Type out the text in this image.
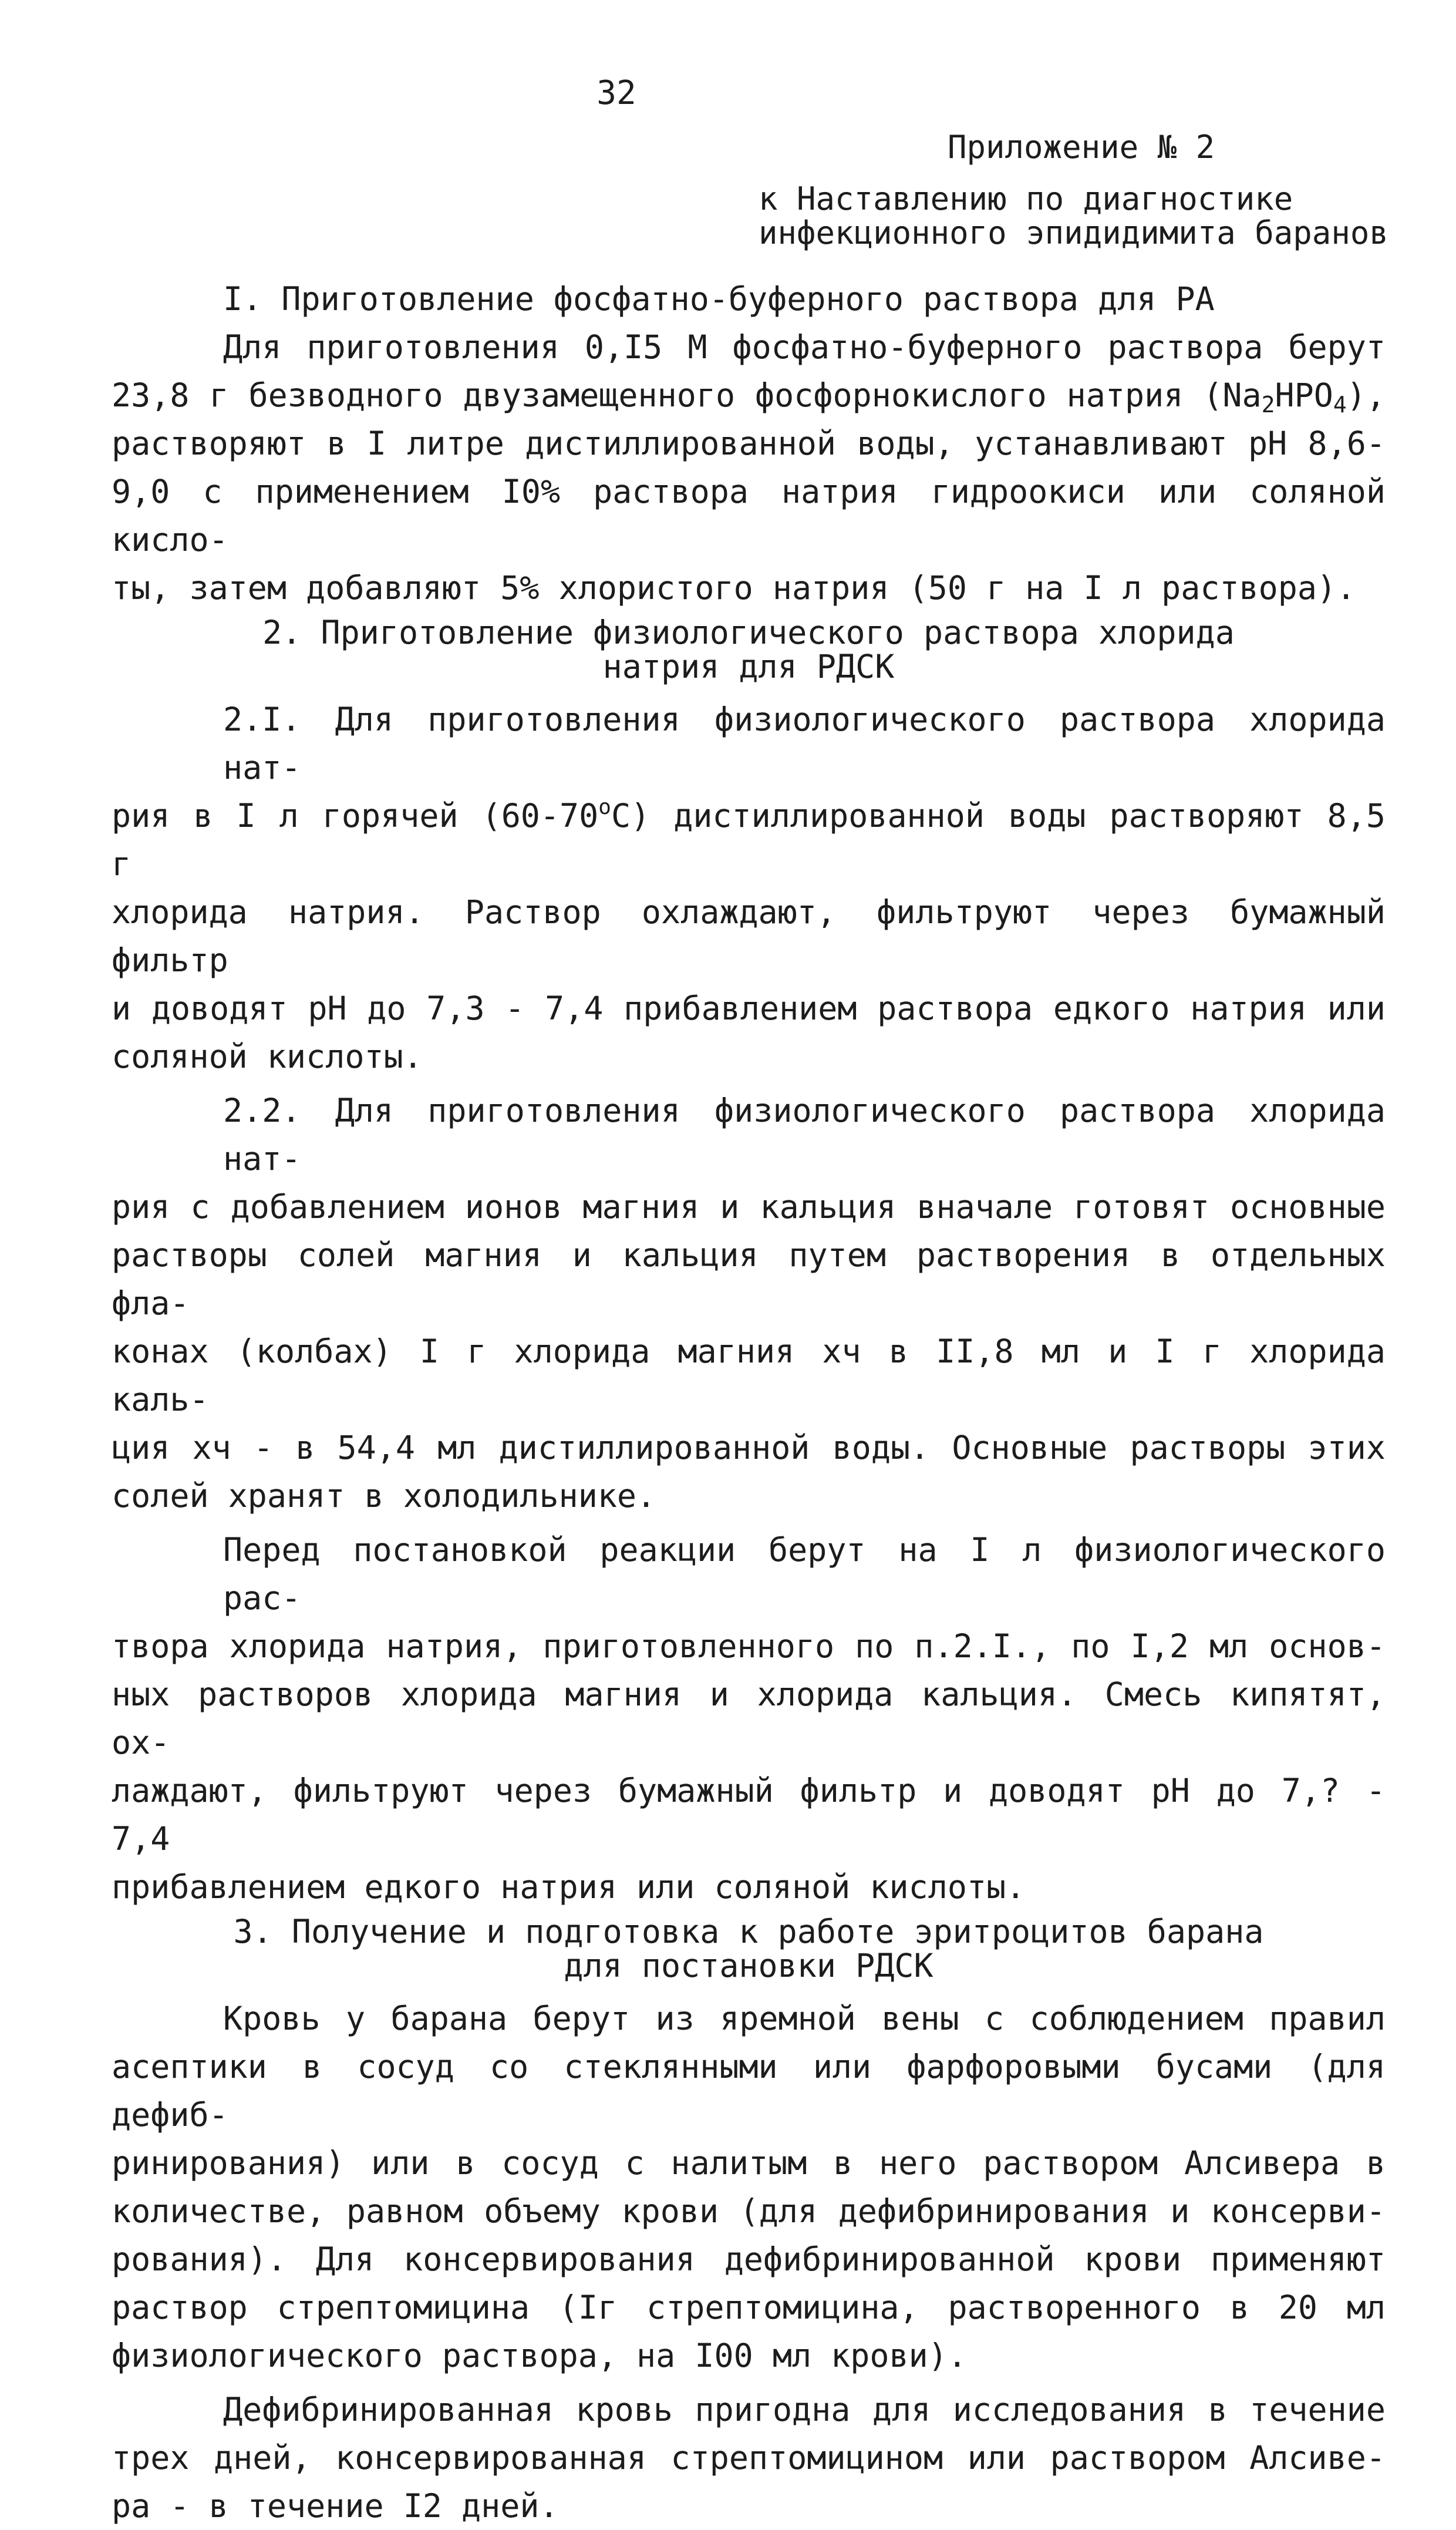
32
Приложение № 2
к Наставлению по диагностике
инфекционного эпидидимита баранов
I. Приготовление фосфатно-буферного раствора для РА
Для приготовления 0,I5 М фосфатно-буферного раствора берут
23,8 г безводного двузамещенного фосфорнокислого натрия $(Na_2HPO_4)$,
растворяют в I литре дистиллированной воды, устанавливают рН 8,6-
9,0 с применением I0% раствора натрия гидроокиси или соляной кисло-
ты, затем добавляют 5% хлористого натрия (50 г на I л раствора).
2. Приготовление физиологического раствора хлорида
натрия для РДСК
2.I. Для приготовления физиологического раствора хлорида нат-
рия в I л горячей $(60-70^оС)$ дистиллированной воды растворяют 8,5 г
хлорида натрия. Раствор охлаждают, фильтруют через бумажный фильтр
и доводят рН до 7,3 - 7,4 прибавлением раствора едкого натрия или
соляной кислоты.
2.2. Для приготовления физиологического раствора хлорида нат-
рия с добавлением ионов магния и кальция вначале готовят основные
растворы солей магния и кальция путем растворения в отдельных фла-
конах (колбах) I г хлорида магния хч в II,8 мл и I г хлорида каль-
ция хч - в 54,4 мл дистиллированной воды. Основные растворы этих
солей хранят в холодильнике.
Перед постановкой реакции берут на I л физиологического рас-
твора хлорида натрия, приготовленного по п.2.I., по I,2 мл основ-
ных растворов хлорида магния и хлорида кальция. Смесь кипятят, ох-
лаждают, фильтруют через бумажный фильтр и доводят рН до 7,? - 7,4
прибавлением едкого натрия или соляной кислоты.
3. Получение и подготовка к работе эритроцитов барана
для постановки РДСК
Кровь у барана берут из яремной вены с соблюдением правил
асептики в сосуд со стеклянными или фарфоровыми бусами (для дефиб-
ринирования) или в сосуд с налитым в него раствором Алсивера в
количестве, равном объему крови (для дефибринирования и консерви-
рования). Для консервирования дефибринированной крови применяют
раствор стрептомицина (Iг стрептомицина, растворенного в 20 мл
физиологического раствора, на I00 мл крови).
Дефибринированная кровь пригодна для исследования в течение
трех дней, консервированная стрептомицином или раствором Алсиве-
ра - в течение I2 дней.
